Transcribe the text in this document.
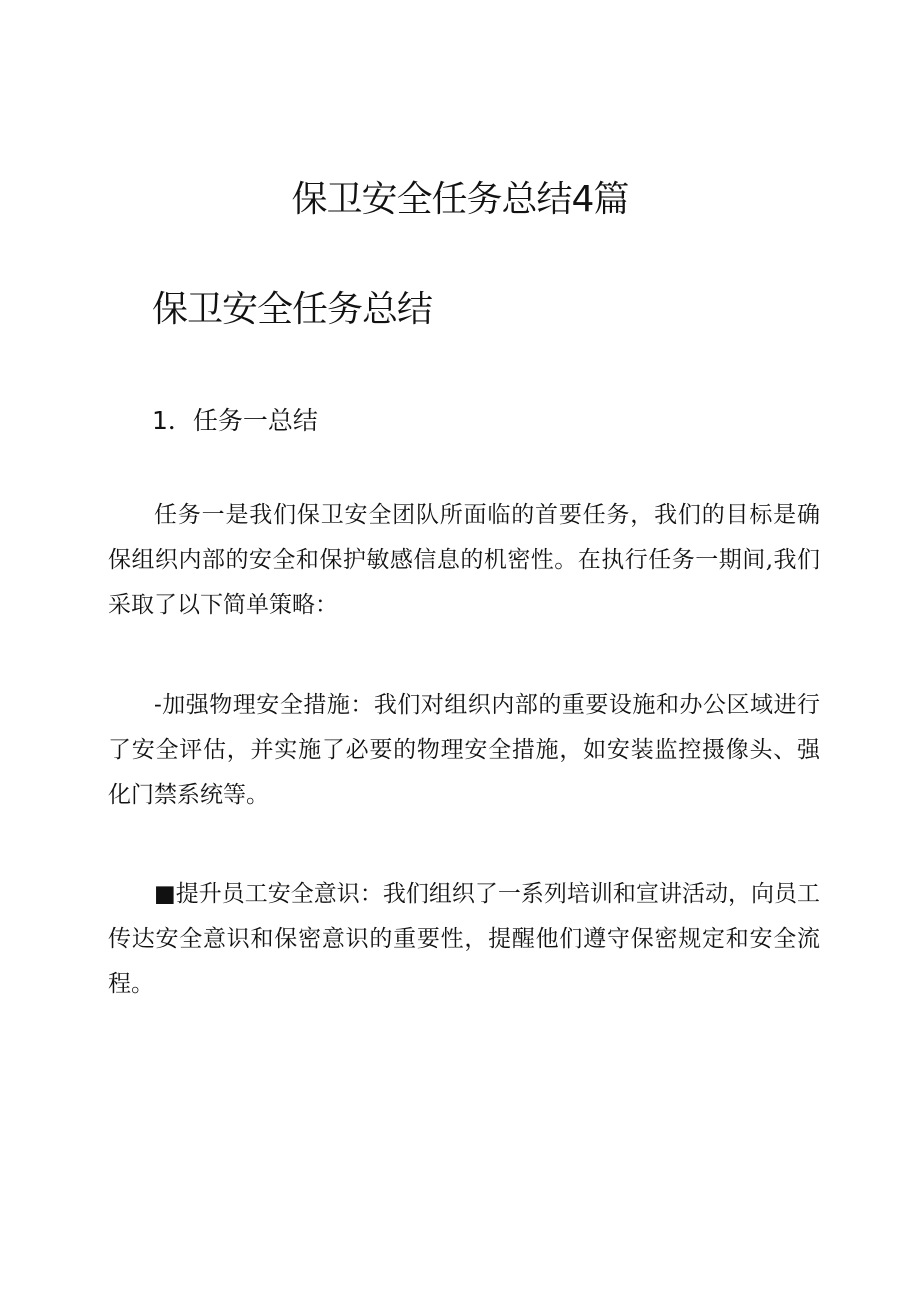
保卫安全任务总结4篇
保卫安全任务总结
1．任务一总结

任务一是我们保卫安全团队所面临的首要任务，我们的目标是确保组织内部的安全和保护敏感信息的机密性。在执行任务一期间,我们采取了以下简单策略：

-加强物理安全措施：我们对组织内部的重要设施和办公区域进行了安全评估，并实施了必要的物理安全措施，如安装监控摄像头、强化门禁系统等。

■提升员工安全意识：我们组织了一系列培训和宣讲活动，向员工传达安全意识和保密意识的重要性，提醒他们遵守保密规定和安全流程。
